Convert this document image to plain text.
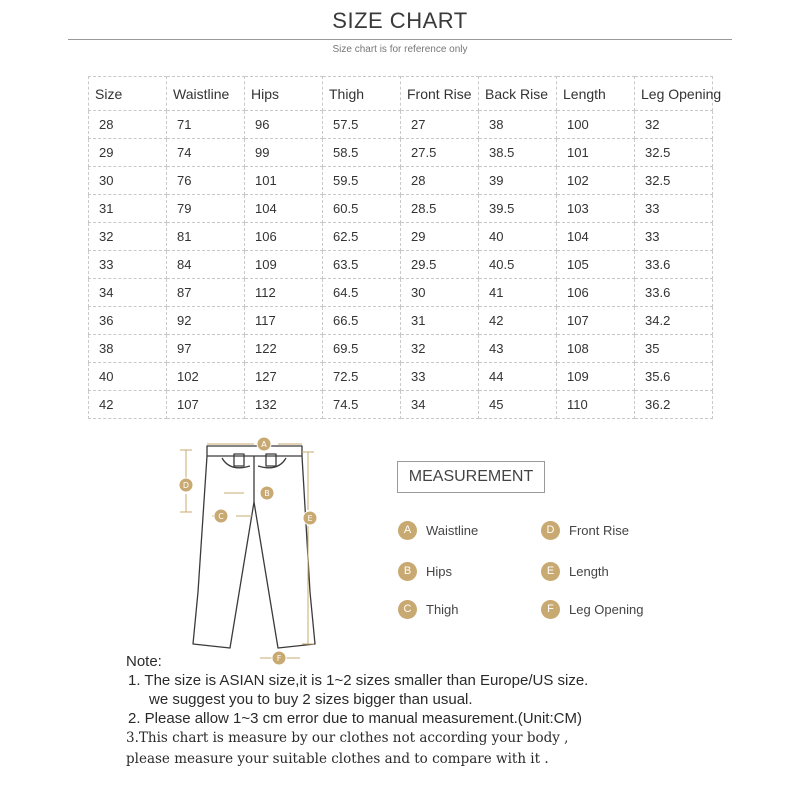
SIZE CHART
Size chart is for reference only
Size	Waistline	Hips	Thigh	Front Rise	Back Rise	Length	Leg Opening
28	71	96	57.5	27	38	100	32
29	74	99	58.5	27.5	38.5	101	32.5
30	76	101	59.5	28	39	102	32.5
31	79	104	60.5	28.5	39.5	103	33
32	81	106	62.5	29	40	104	33
33	84	109	63.5	29.5	40.5	105	33.6
34	87	112	64.5	30	41	106	33.6
36	92	117	66.5	31	42	107	34.2
38	97	122	69.5	32	43	108	35
40	102	127	72.5	33	44	109	35.6
42	107	132	74.5	34	45	110	36.2
A
B
C
D
E
F
MEASUREMENT
A	Waistline
B	Hips
C	Thigh
D	Front Rise
E	Length
F	Leg Opening
Note:
1. The size is ASIAN size,it is 1~2 sizes smaller than Europe/US size.
we suggest you to buy 2 sizes bigger than usual.
2. Please allow 1~3 cm error due to manual measurement.(Unit:CM)
3.This chart is measure by our clothes not according your body ,
please measure your suitable clothes and to compare with it .
